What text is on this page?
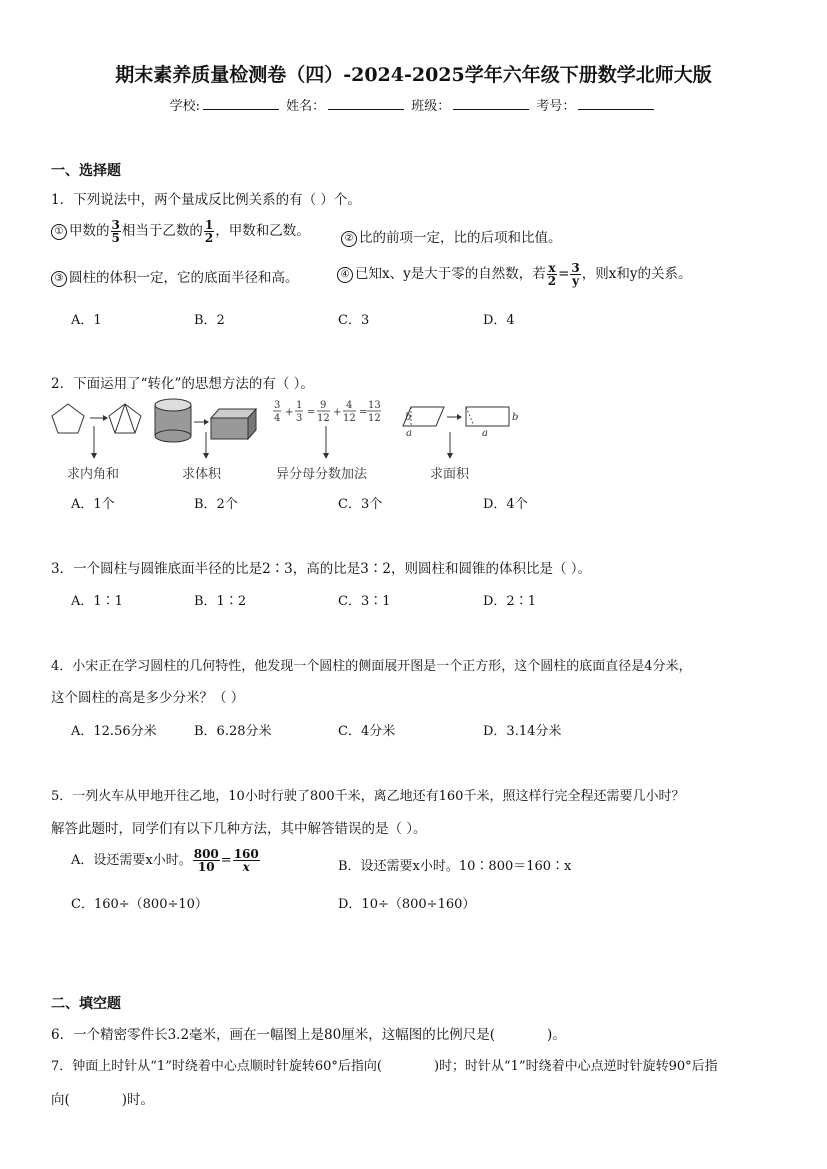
期末素养质量检测卷（四）-2024-2025学年六年级下册数学北师大版
学校:	姓名：	班级：	考号：
一、选择题
1．下列说法中，两个量成反比例关系的有（ ）个。
① 甲数的 $\frac{3}{5}$ 相当于乙数的 $\frac{1}{2}$ ，甲数和乙数。	② 比的前项一定，比的后项和比值。
③ 圆柱的体积一定，它的底面半径和高。	④ 已知x、y是大于零的自然数，若 $\frac{x}{2} = \frac{3}{y}$ ，则x和y的关系。
A．1	B．2	C．3	D．4
2．下面运用了“转化”的思想方法的有（ ）。
3
4
+
1
3
=
9
12
+
4
12
=
13
12 b
a	a
b
求内角和	求体积	异分母分数加法	求面积
A．1个	B．2个	C．3个	D．4个
3．一个圆柱与圆锥底面半径的比是2∶3，高的比是3∶2，则圆柱和圆锥的体积比是（ ）。
A．1∶1	B．1∶2	C．3∶1	D．2∶1
4．小宋正在学习圆柱的几何特性，他发现一个圆柱的侧面展开图是一个正方形，这个圆柱的底面直径是4分米，
这个圆柱的高是多少分米？（ ）
A．12.56分米	B．6.28分米	C．4分米	D．3.14分米
5．一列火车从甲地开往乙地，10小时行驶了800千米，离乙地还有160千米，照这样行完全程还需要几小时？
解答此题时，同学们有以下几种方法，其中解答错误的是（ ）。
A．设还需要x小时。 $\frac{800}{10} = \frac{160}{x}$	B．设还需要x小时。10∶800＝160∶x
C．160÷（800÷10）	D．10÷（800÷160）
二、填空题
6．一个精密零件长3.2毫米，画在一幅图上是80厘米，这幅图的比例尺是(	)。
7．钟面上时针从“1”时绕着中心点顺时针旋转60°后指向(	)时；时针从“1”时绕着中心点逆时针旋转90°后指
向(	)时。
